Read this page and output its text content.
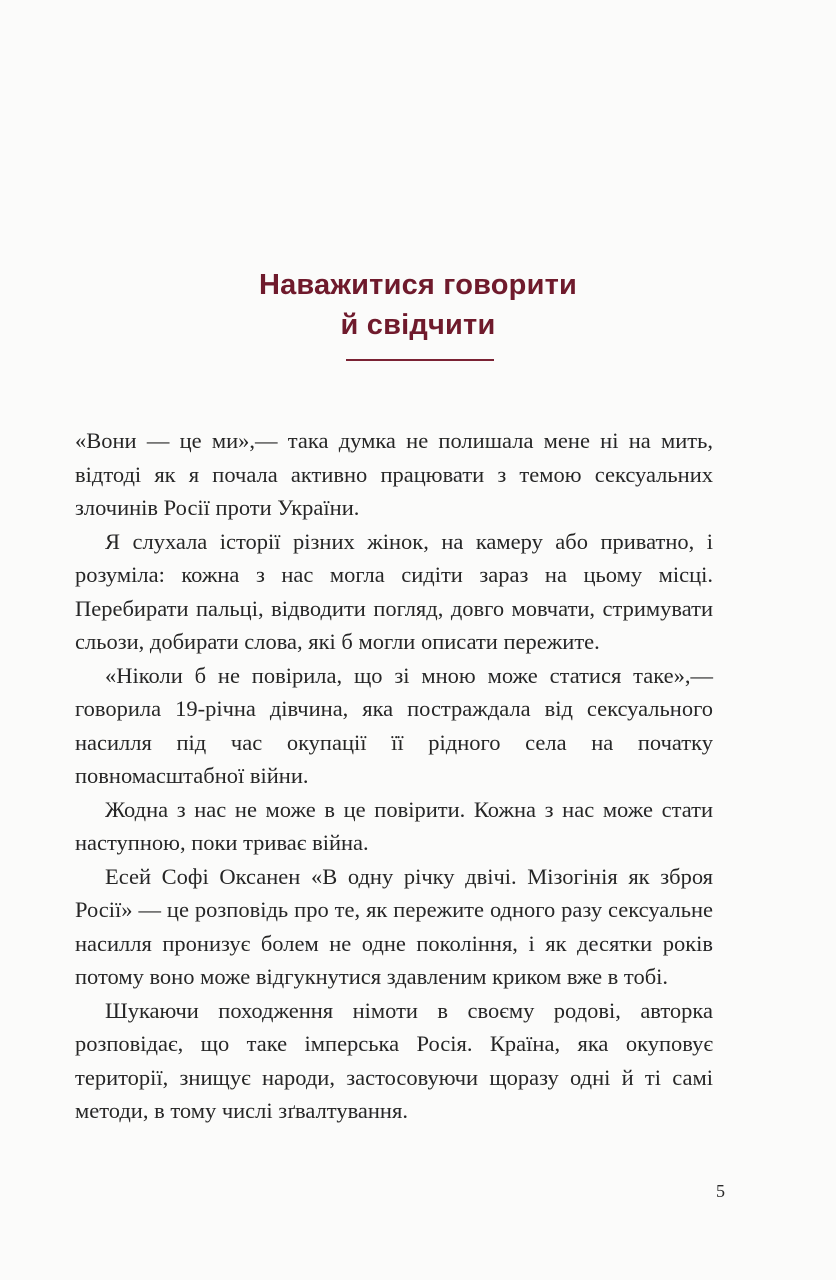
Наважитися говорити
й свідчити

«Вони — це ми»,— така думка не полишала мене ні на мить, відтоді як я почала активно працювати з темою сексуальних злочинів Росії проти України.

Я слухала історії різних жінок, на камеру або приватно, і розуміла: кожна з нас могла сидіти зараз на цьому місці. Перебирати пальці, відводити погляд, довго мовчати, стримувати сльози, добирати слова, які б могли описати пережите.

«Ніколи б не повірила, що зі мною може статися таке»,— говорила 19-річна дівчина, яка постраждала від сексуального насилля під час окупації її рідного села на початку повномасштабної війни.

Жодна з нас не може в це повірити. Кожна з нас може стати наступною, поки триває війна.

Есей Софі Оксанен «В одну річку двічі. Мізогінія як зброя Росії» — це розповідь про те, як пережите одного разу сексуальне насилля пронизує болем не одне покоління, і як десятки років потому воно може відгукнутися здавленим криком вже в тобі.

Шукаючи походження німоти в своєму родові, авторка розповідає, що таке імперська Росія. Країна, яка окуповує території, знищує народи, застосовуючи щоразу одні й ті самі методи, в тому числі зґвалтування.

5
